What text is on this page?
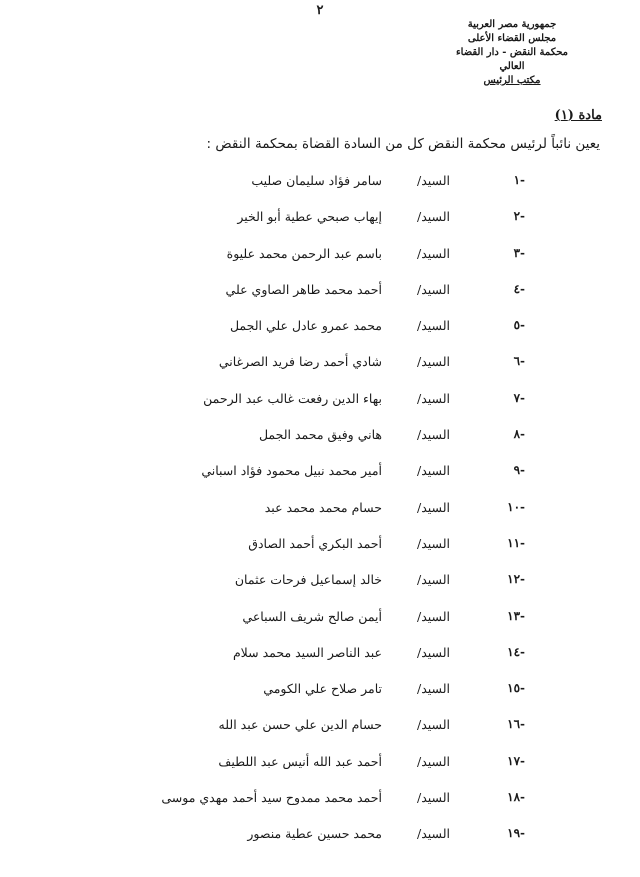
٢
جمهورية مصر العربية
مجلس القضاء الأعلى
محكمة النقض - دار القضاء العالي
مكتب الرئيس
مادة (١)
يعين نائباً لرئيس محكمة النقض كل من السادة القضاة بمحكمة النقض :
-١
السيد/
سامر فؤاد سليمان صليب
-٢
السيد/
إيهاب صبحي عطية أبو الخير
-٣
السيد/
باسم عبد الرحمن محمد عليوة
-٤
السيد/
أحمد محمد طاهر الصاوي علي
-٥
السيد/
محمد عمرو عادل علي الجمل
-٦
السيد/
شادي أحمد رضا فريد الصرغاني
-٧
السيد/
بهاء الدين رفعت غالب عبد الرحمن
-٨
السيد/
هاني وفيق محمد الجمل
-٩
السيد/
أمير محمد نبيل محمود فؤاد اسباني
-١٠
السيد/
حسام محمد محمد عبد
-١١
السيد/
أحمد البكري أحمد الصادق
-١٢
السيد/
خالد إسماعيل فرحات عثمان
-١٣
السيد/
أيمن صالح شريف السباعي
-١٤
السيد/
عبد الناصر السيد محمد سلام
-١٥
السيد/
تامر صلاح علي الكومي
-١٦
السيد/
حسام الدين علي حسن عبد الله
-١٧
السيد/
أحمد عبد الله أنيس عبد اللطيف
-١٨
السيد/
أحمد محمد ممدوح سيد أحمد مهدي موسى
-١٩
السيد/
محمد حسين عطية منصور
